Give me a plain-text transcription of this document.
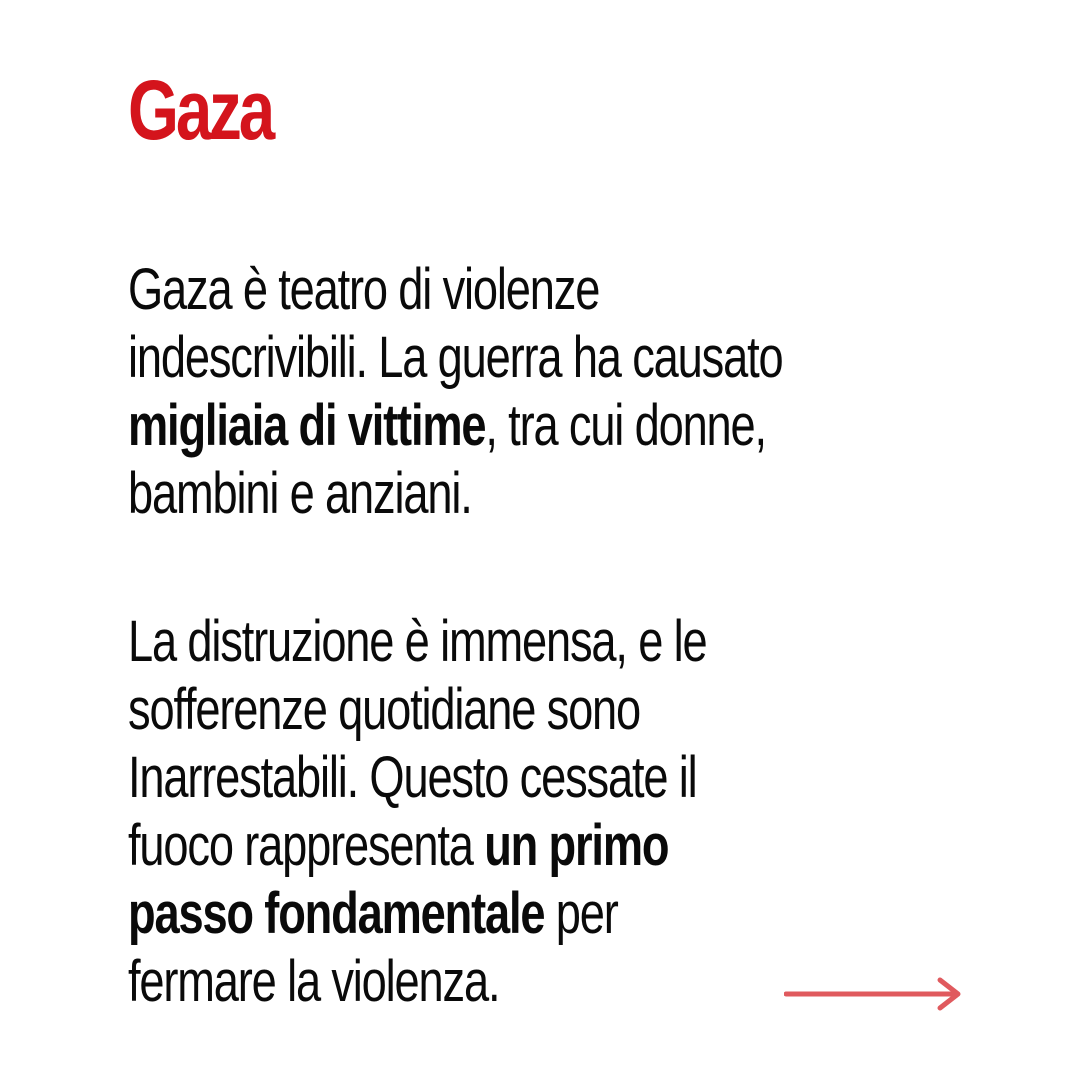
Gaza

Gaza è teatro di violenze
indescrivibili. La guerra ha causato
migliaia di vittime, tra cui donne,
bambini e anziani.

La distruzione è immensa, e le
sofferenze quotidiane sono
Inarrestabili. Questo cessate il
fuoco rappresenta un primo
passo fondamentale per
fermare la violenza.
